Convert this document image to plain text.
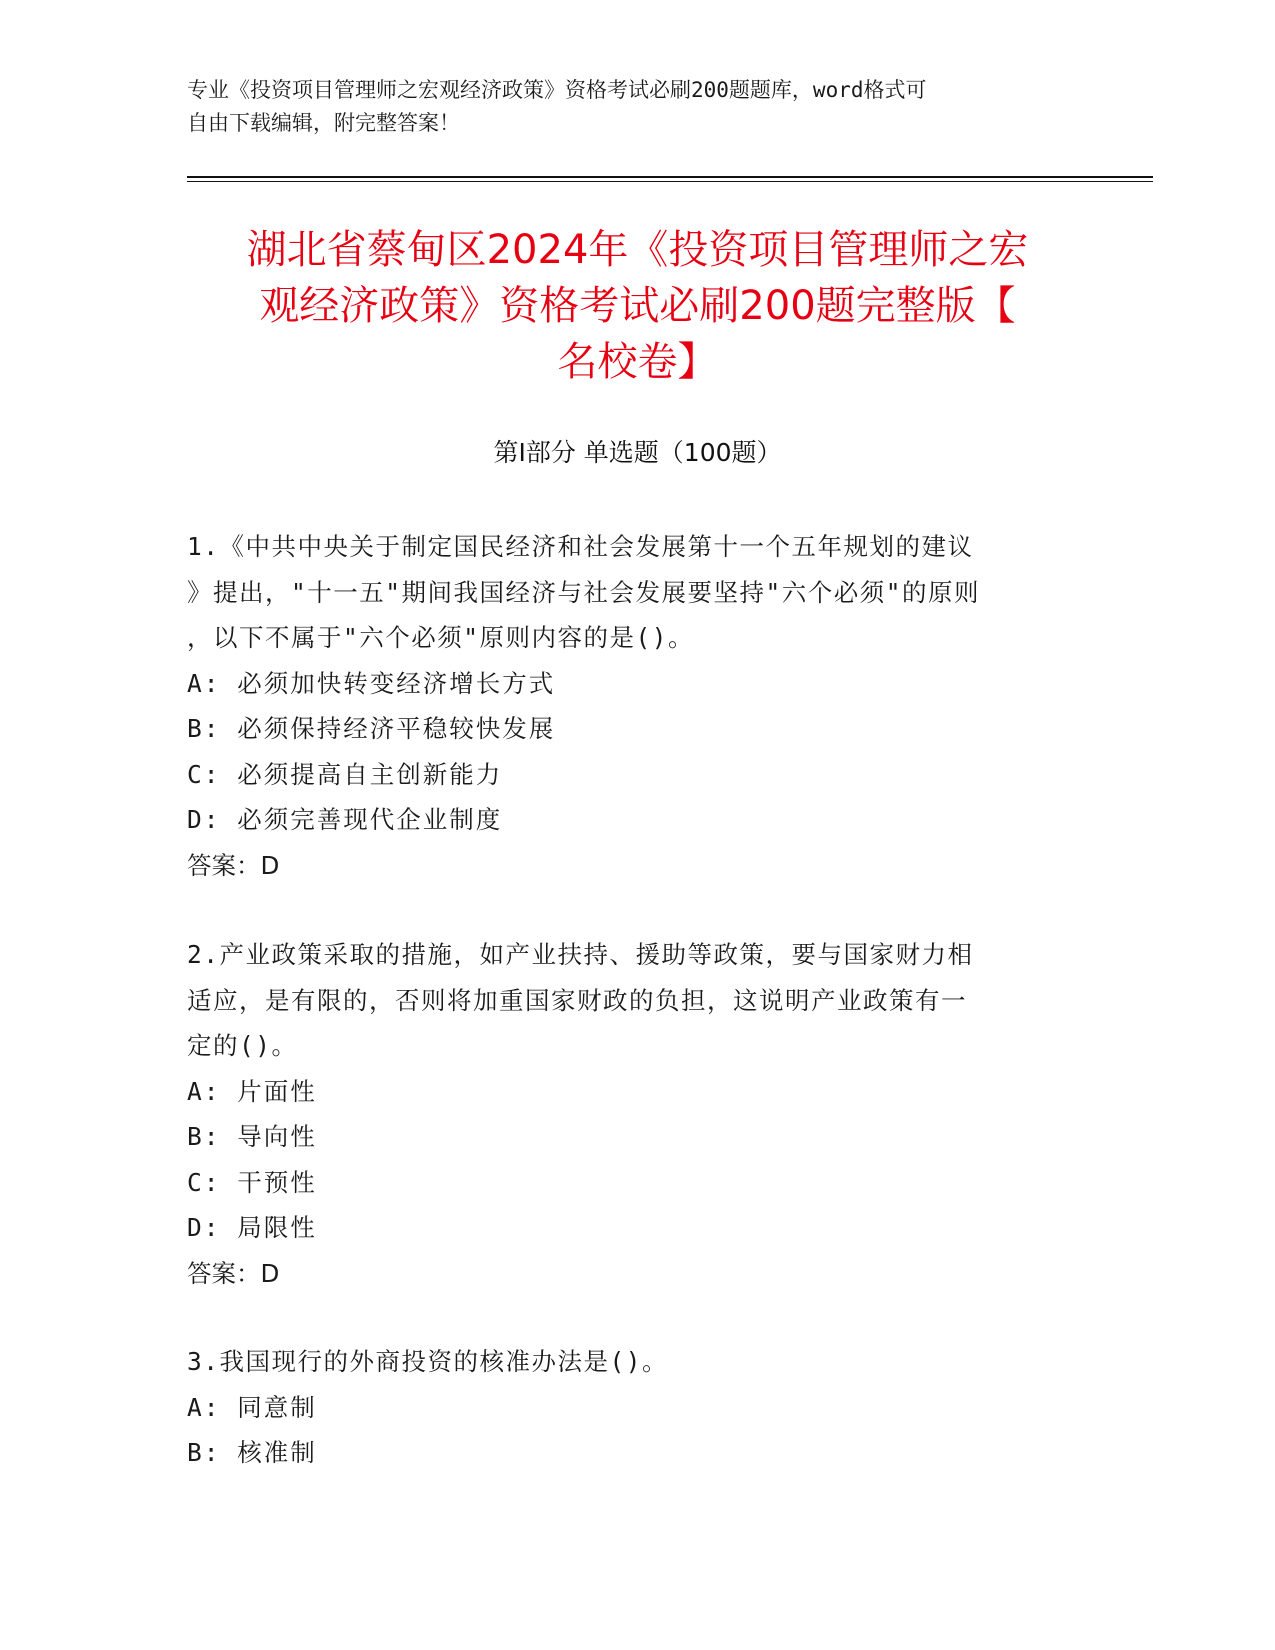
专业《投资项目管理师之宏观经济政策》资格考试必刷200题题库，word格式可
自由下载编辑，附完整答案！
湖北省蔡甸区2024年《投资项目管理师之宏
观经济政策》资格考试必刷200题完整版【
名校卷】
第Ⅰ部分 单选题（100题）
1.《中共中央关于制定国民经济和社会发展第十一个五年规划的建议
》提出，"十一五"期间我国经济与社会发展要坚持"六个必须"的原则
，以下不属于"六个必须"原则内容的是()。
A: 必须加快转变经济增长方式
B: 必须保持经济平稳较快发展
C: 必须提高自主创新能力
D: 必须完善现代企业制度
答案：D
2.产业政策采取的措施，如产业扶持、援助等政策，要与国家财力相
适应，是有限的，否则将加重国家财政的负担，这说明产业政策有一
定的()。
A: 片面性
B: 导向性
C: 干预性
D: 局限性
答案：D
3.我国现行的外商投资的核准办法是()。
A: 同意制
B: 核准制
